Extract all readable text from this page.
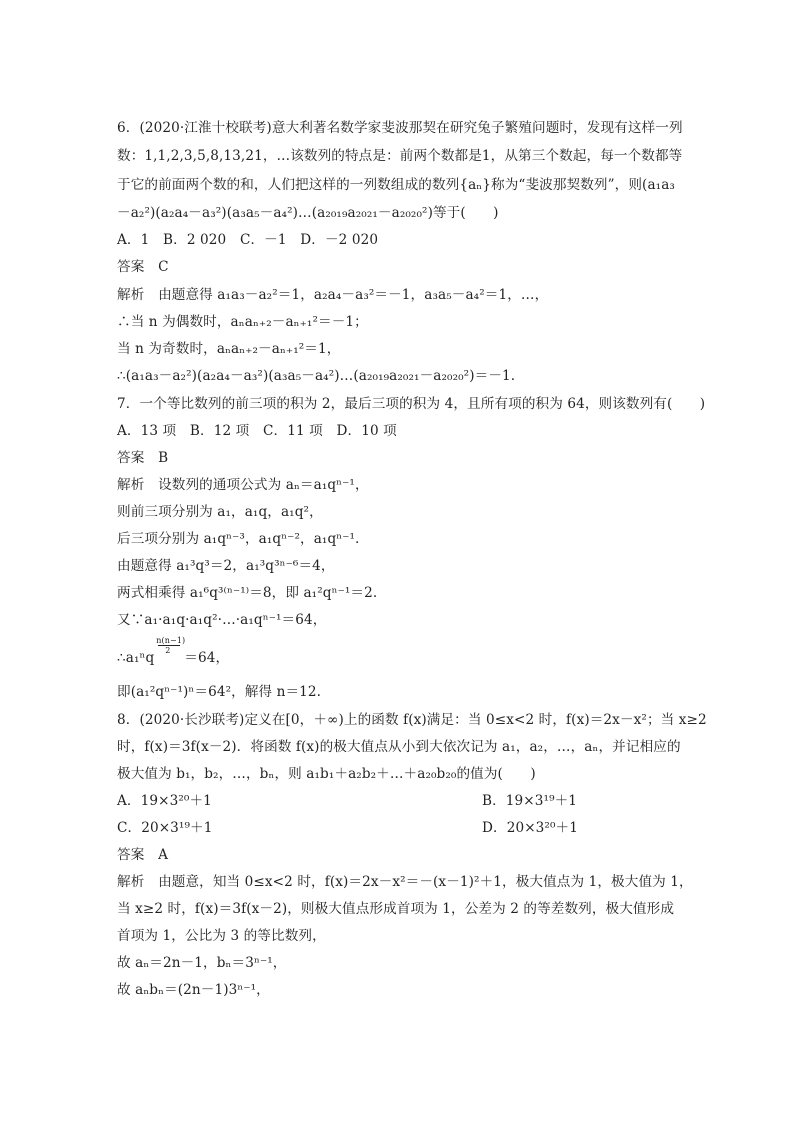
6．(2020·江淮十校联考)意大利著名数学家斐波那契在研究兔子繁殖问题时，发现有这样一列
数：1,1,2,3,5,8,13,21，…该数列的特点是：前两个数都是1，从第三个数起，每一个数都等
于它的前面两个数的和，人们把这样的一列数组成的数列{aₙ}称为“斐波那契数列”，则(a₁a₃
－a₂²)(a₂a₄－a₃²)(a₃a₅－a₄²)…(a₂₀₁₉a₂₀₂₁－a₂₀₂₀²)等于(　　)
A．1　B．2 020　C．－1　D．－2 020
答案　C
解析　由题意得 a₁a₃－a₂²＝1，a₂a₄－a₃²＝－1，a₃a₅－a₄²＝1，…，
∴当 n 为偶数时，aₙaₙ₊₂－aₙ₊₁²＝－1；
当 n 为奇数时，aₙaₙ₊₂－aₙ₊₁²＝1，
∴(a₁a₃－a₂²)(a₂a₄－a₃²)(a₃a₅－a₄²)…(a₂₀₁₉a₂₀₂₁－a₂₀₂₀²)＝－1.
7．一个等比数列的前三项的积为 2，最后三项的积为 4，且所有项的积为 64，则该数列有(　　)
A．13 项　B．12 项　C．11 项　D．10 项
答案　B
解析　设数列的通项公式为 aₙ＝a₁qⁿ⁻¹，
则前三项分别为 a₁，a₁q，a₁q²，
后三项分别为 a₁qⁿ⁻³，a₁qⁿ⁻²，a₁qⁿ⁻¹.
由题意得 a₁³q³＝2，a₁³q³ⁿ⁻⁶＝4，
两式相乘得 a₁⁶q³⁽ⁿ⁻¹⁾＝8，即 a₁²qⁿ⁻¹＝2.
又∵a₁·a₁q·a₁q²·…·a₁qⁿ⁻¹＝64，
∴a₁ⁿq $\frac{n(n-1)}{2} =64$，
即(a₁²qⁿ⁻¹)ⁿ＝64²，解得 n＝12.
8．(2020·长沙联考)定义在[0，＋∞)上的函数 f(x)满足：当 0≤x<2 时，f(x)＝2x－x²；当 x≥2
时，f(x)＝3f(x－2)．将函数 f(x)的极大值点从小到大依次记为 a₁，a₂，…，aₙ，并记相应的
极大值为 b₁，b₂，…，bₙ，则 a₁b₁＋a₂b₂＋…＋a₂₀b₂₀的值为(　　)
A．19×3²⁰＋1	B．19×3¹⁹＋1
C．20×3¹⁹＋1	D．20×3²⁰＋1
答案　A
解析　由题意，知当 0≤x<2 时，f(x)＝2x－x²＝－(x－1)²＋1，极大值点为 1，极大值为 1，
当 x≥2 时，f(x)＝3f(x－2)，则极大值点形成首项为 1，公差为 2 的等差数列，极大值形成
首项为 1，公比为 3 的等比数列，
故 aₙ＝2n－1，bₙ＝3ⁿ⁻¹，
故 aₙbₙ＝(2n－1)3ⁿ⁻¹，
